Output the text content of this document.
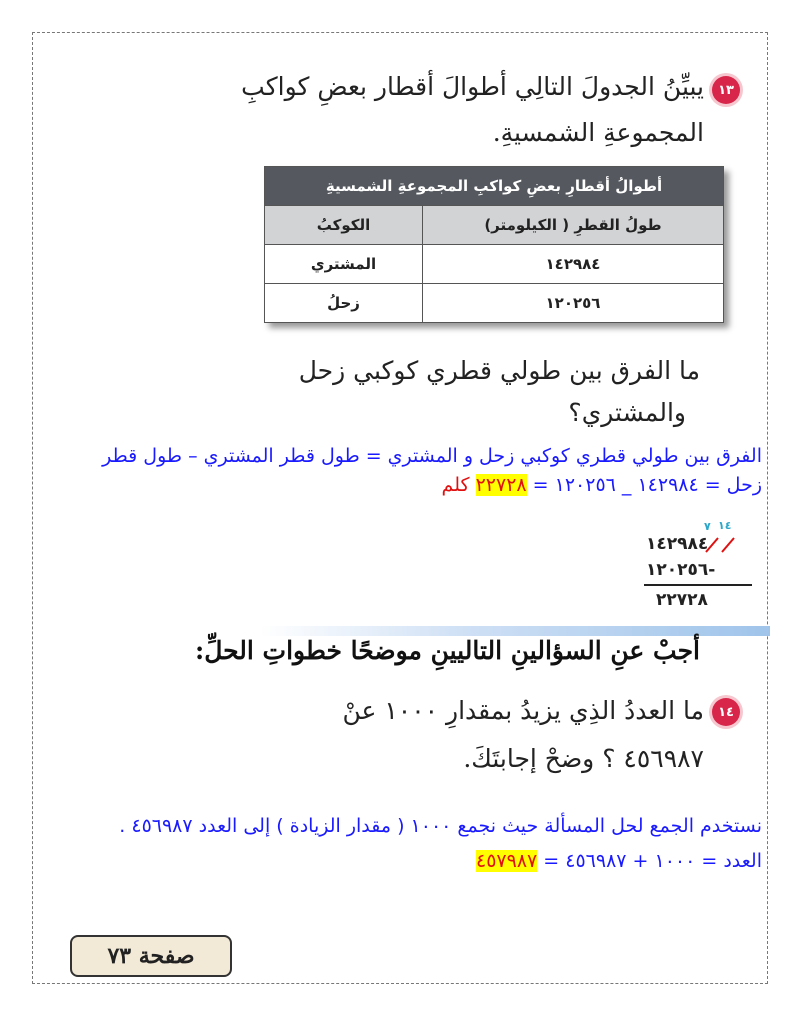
١٣
يبيِّنُ الجدولَ التالِي أطوالَ أقطار بعضِ كواكبِ
المجموعةِ الشمسيةِ.
أطوالُ أقطارِ بعضِ كواكبِ المجموعةِ الشمسيةِ	
الكوكبُ	طولُ القطرِ ( الكيلومتر)
المشتري	١٤٢٩٨٤
زحلُ	١٢٠٢٥٦
ما الفرق بين طولي قطري كوكبي زحل
والمشتري؟
الفرق بين طولي قطري كوكبي زحل و المشتري = طول قطر المشتري – طول قطر
زحل = ١٤٢٩٨٤ _ ١٢٠٢٥٦ = ٢٢٧٢٨ كلم
٧ ١٤
١٤٢٩٨٤
١٢٠٢٥٦-
٢٢٧٢٨
أجبْ عنِ السؤالينِ التاليينِ موضحًا خطواتِ الحلِّ:
١٤
ما العددُ الذِي يزيدُ بمقدارِ ١٠٠٠ عنْ
٤٥٦٩٨٧ ؟ وضحْ إجابتَكَ.
نستخدم الجمع لحل المسألة حيث نجمع ١٠٠٠ ( مقدار الزيادة ) إلى العدد ٤٥٦٩٨٧ .
العدد = ١٠٠٠ + ٤٥٦٩٨٧ = ٤٥٧٩٨٧
صفحة ٧٣
